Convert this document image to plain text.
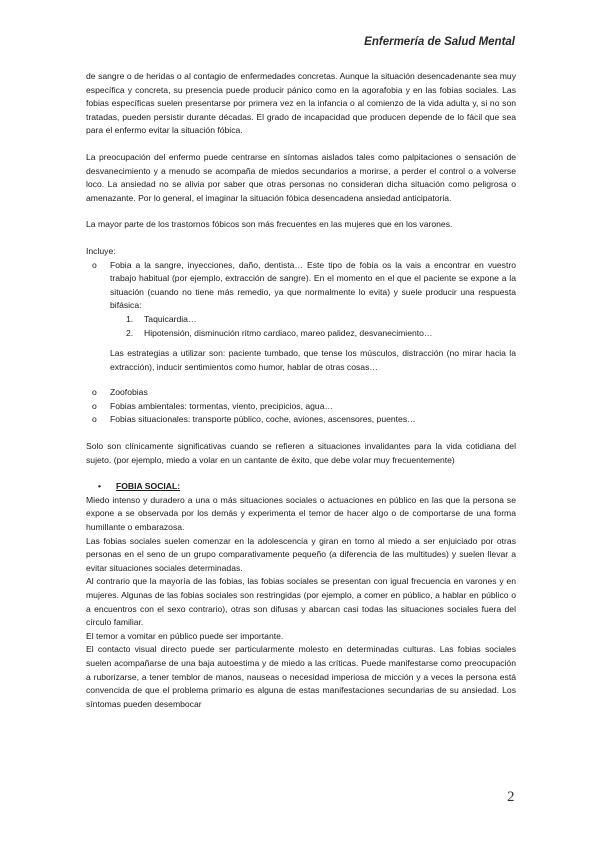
Enfermería de Salud Mental

de sangre o de heridas o al contagio de enfermedades concretas. Aunque la situación desencadenante sea muy específica y concreta, su presencia puede producir pánico como en la agorafobia y en las fobias sociales. Las fobias específicas suelen presentarse por primera vez en la infancia o al comienzo de la vida adulta y, si no son tratadas, pueden persistir durante décadas. El grado de incapacidad que producen depende de lo fácil que sea para el enfermo evitar la situación fóbica.

La preocupación del enfermo puede centrarse en síntomas aislados tales como palpitaciones o sensación de desvanecimiento y a menudo se acompaña de miedos secundarios a morirse, a perder el control o a volverse loco. La ansiedad no se alivia por saber que otras personas no consideran dicha situación como peligrosa o amenazante. Por lo general, el imaginar la situación fóbica desencadena ansiedad anticipatoria.

La mayor parte de los trastornos fóbicos son más frecuentes en las mujeres que en los varones.

Incluye:

o Fobia a la sangre, inyecciones, daño, dentista… Este tipo de fobia os la vais a encontrar en vuestro trabajo habitual (por ejemplo, extracción de sangre). En el momento en el que el paciente se expone a la situación (cuando no tiene más remedio, ya que normalmente lo evita) y suele producir una respuesta bifásica:

1. Taquicardia…
2. Hipotensión, disminución ritmo cardiaco, mareo palidez, desvanecimiento…

Las estrategias a utilizar son: paciente tumbado, que tense los músculos, distracción (no mirar hacia la extracción), inducir sentimientos como humor, hablar de otras cosas…

o Zoofobias

o Fobias ambientales: tormentas, viento, precipicios, agua…

o Fobias situacionales: transporte público, coche, aviones, ascensores, puentes…

Solo son clínicamente significativas cuando se refieren a situaciones invalidantes para la vida cotidiana del sujeto. (por ejemplo, miedo a volar en un cantante de éxito, que debe volar muy frecuentemente)

• FOBIA SOCIAL:

Miedo intenso y duradero a una o más situaciones sociales o actuaciones en público en las que la persona se expone a se observada por los demás y experimenta el temor de hacer algo o de comportarse de una forma humillante o embarazosa.

Las fobias sociales suelen comenzar en la adolescencia y giran en torno al miedo a ser enjuiciado por otras personas en el seno de un grupo comparativamente pequeño (a diferencia de las multitudes) y suelen llevar a evitar situaciones sociales determinadas.

Al contrario que la mayoría de las fobias, las fobias sociales se presentan con igual frecuencia en varones y en mujeres. Algunas de las fobias sociales son restringidas (por ejemplo, a comer en público, a hablar en público o a encuentros con el sexo contrario), otras son difusas y abarcan casi todas las situaciones sociales fuera del círculo familiar.

El temor a vomitar en público puede ser importante.

El contacto visual directo puede ser particularmente molesto en determinadas culturas. Las fobias sociales suelen acompañarse de una baja autoestima y de miedo a las críticas. Puede manifestarse como preocupación a ruborizarse, a tener temblor de manos, nauseas o necesidad imperiosa de micción y a veces la persona está convencida de que el problema primario es alguna de estas manifestaciones secundarias de su ansiedad. Los síntomas pueden desembocar

2
